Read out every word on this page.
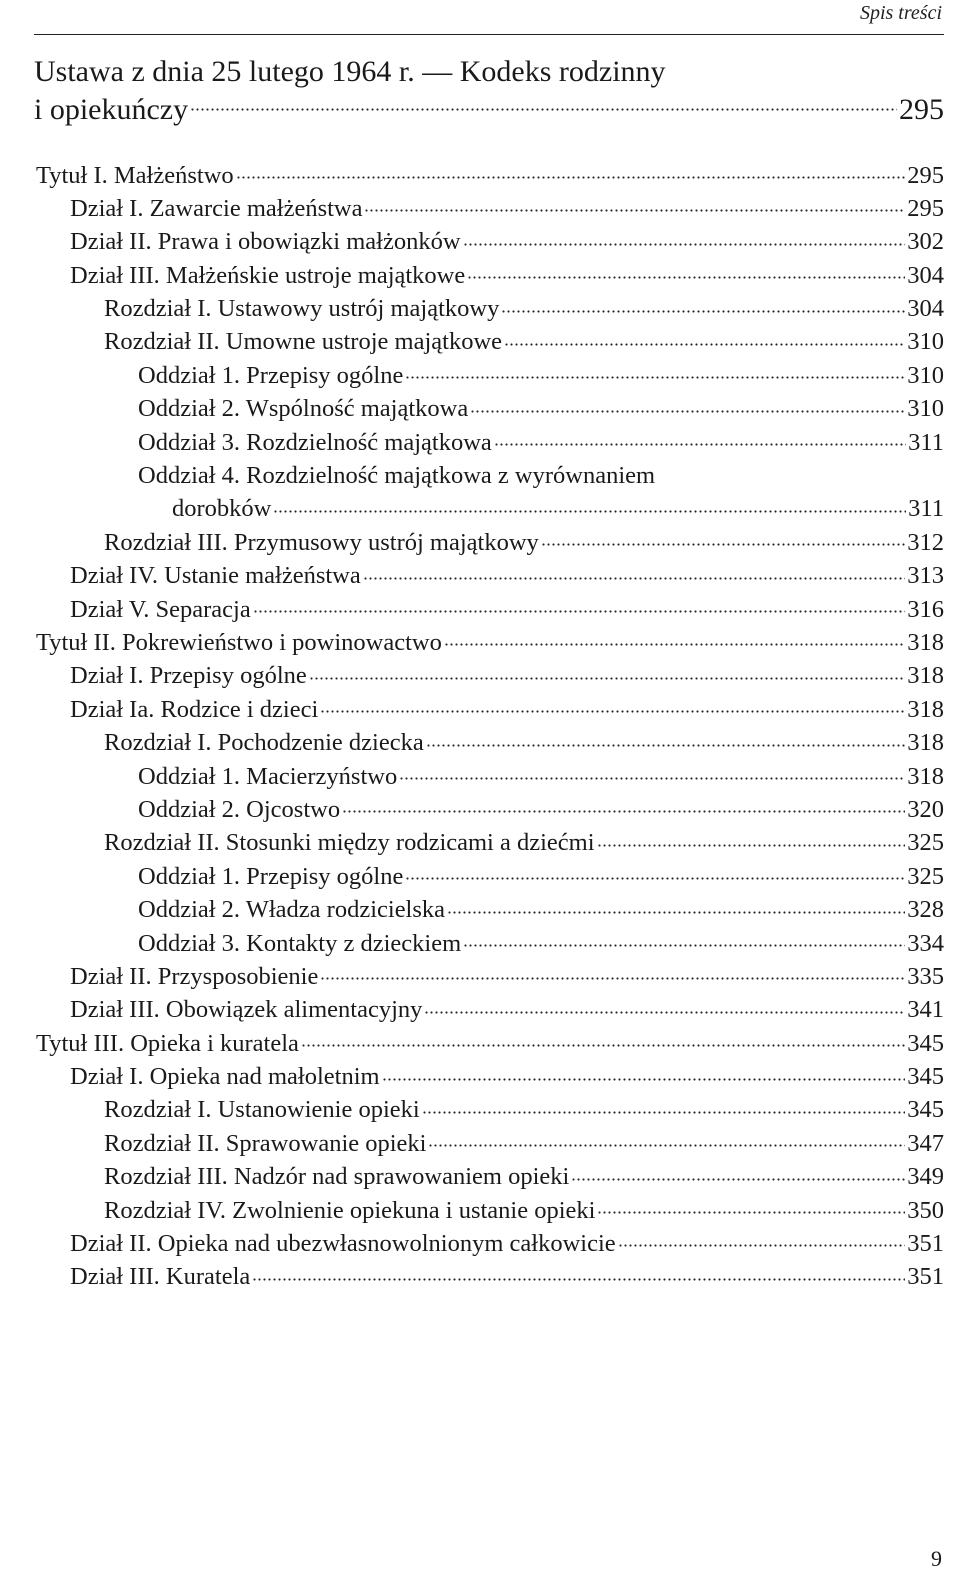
Spis treści
Ustawa z dnia 25 lutego 1964 r. — Kodeks rodzinny
i opiekuńczy	295
Tytuł I. Małżeństwo	295
Dział I. Zawarcie małżeństwa	295
Dział II. Prawa i obowiązki małżonków	302
Dział III. Małżeńskie ustroje majątkowe	304
Rozdział I. Ustawowy ustrój majątkowy	304
Rozdział II. Umowne ustroje majątkowe	310
Oddział 1. Przepisy ogólne	310
Oddział 2. Wspólność majątkowa	310
Oddział 3. Rozdzielność majątkowa	311
Oddział 4. Rozdzielność majątkowa z wyrównaniem
dorobków	311
Rozdział III. Przymusowy ustrój majątkowy	312
Dział IV. Ustanie małżeństwa	313
Dział V. Separacja	316
Tytuł II. Pokrewieństwo i powinowactwo	318
Dział I. Przepisy ogólne	318
Dział Ia. Rodzice i dzieci	318
Rozdział I. Pochodzenie dziecka	318
Oddział 1. Macierzyństwo	318
Oddział 2. Ojcostwo	320
Rozdział II. Stosunki między rodzicami a dziećmi	325
Oddział 1. Przepisy ogólne	325
Oddział 2. Władza rodzicielska	328
Oddział 3. Kontakty z dzieckiem	334
Dział II. Przysposobienie	335
Dział III. Obowiązek alimentacyjny	341
Tytuł III. Opieka i kuratela	345
Dział I. Opieka nad małoletnim	345
Rozdział I. Ustanowienie opieki	345
Rozdział II. Sprawowanie opieki	347
Rozdział III. Nadzór nad sprawowaniem opieki	349
Rozdział IV. Zwolnienie opiekuna i ustanie opieki	350
Dział II. Opieka nad ubezwłasnowolnionym całkowicie	351
Dział III. Kuratela	351
9
